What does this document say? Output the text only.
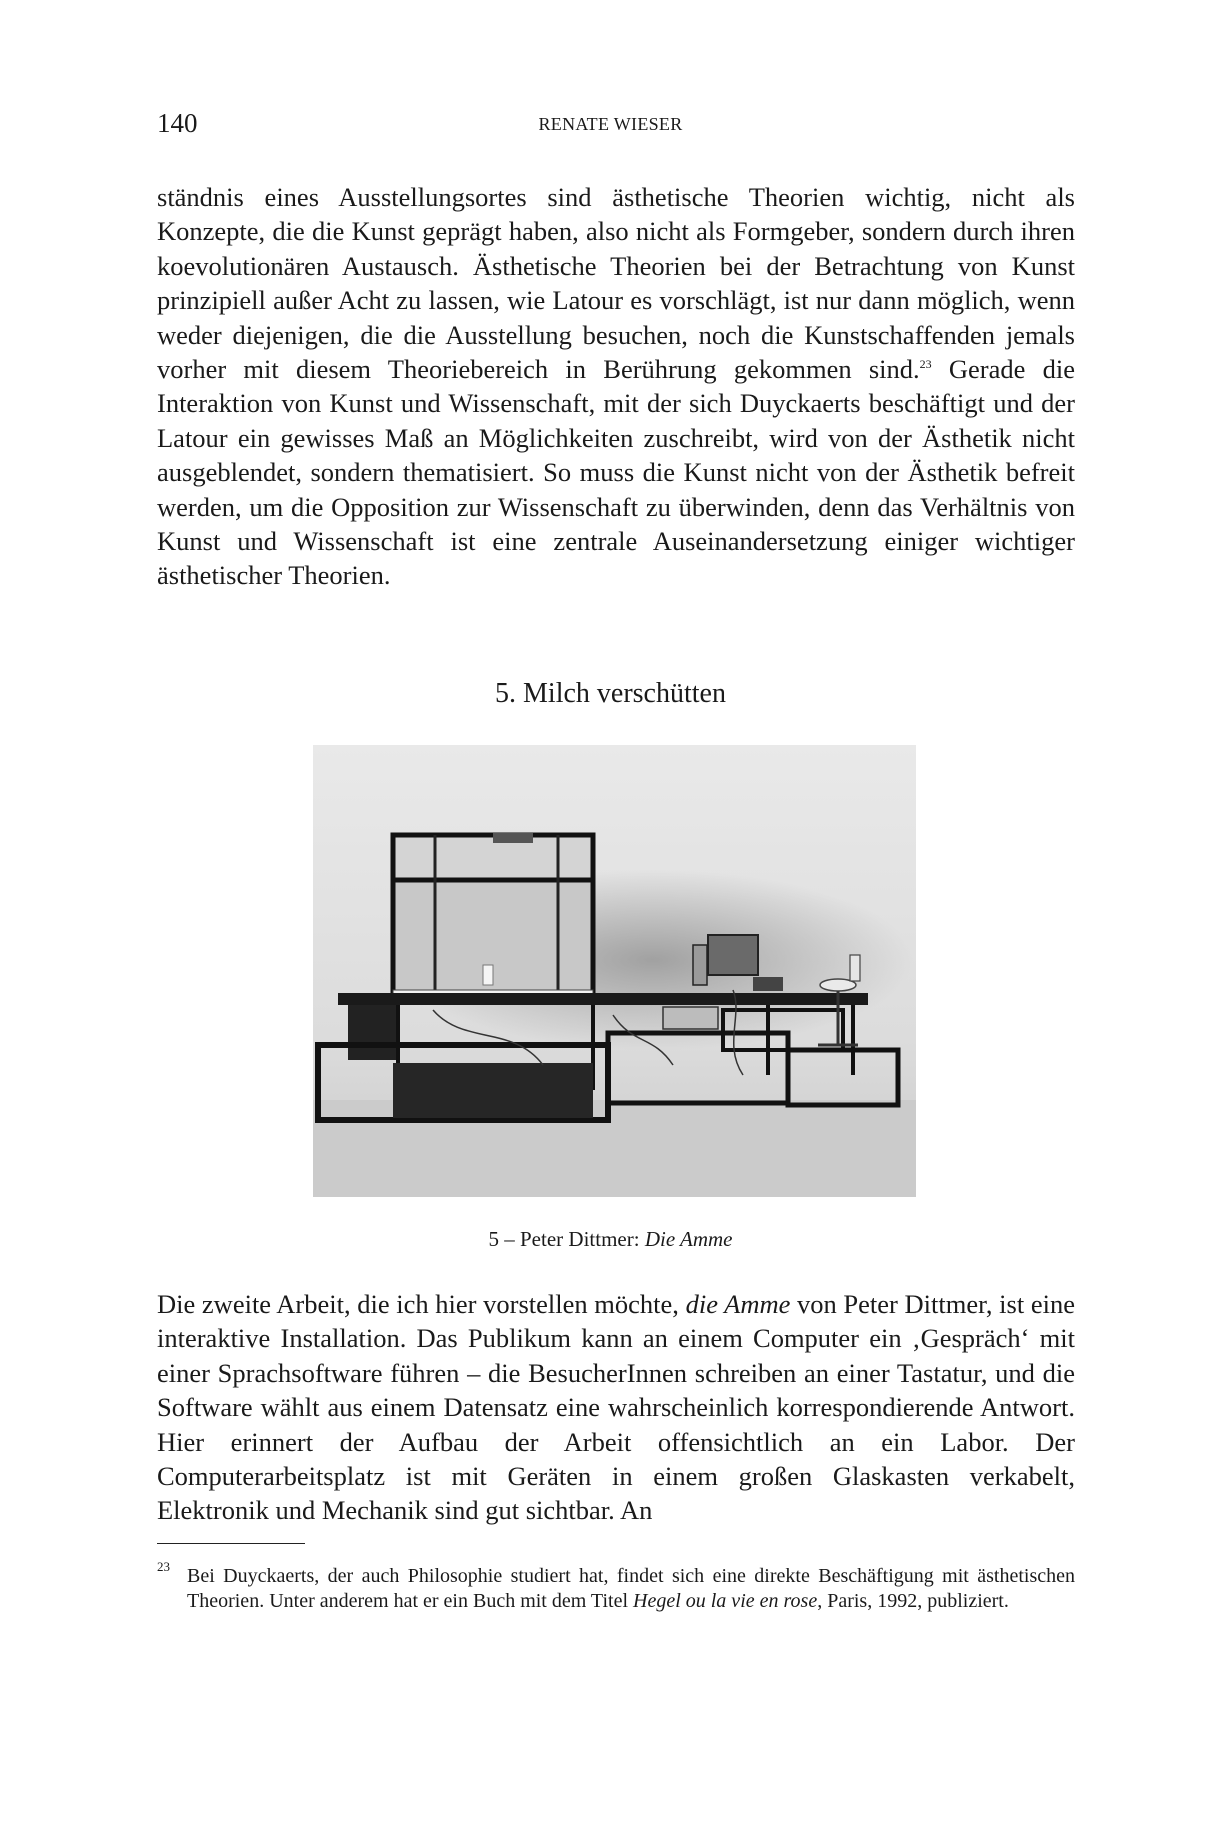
140	RENATE WIESER

ständnis eines Ausstellungsortes sind ästhetische Theorien wichtig, nicht als Konzepte, die die Kunst geprägt haben, also nicht als Formgeber, sondern durch ihren koevolutionären Austausch. Ästhetische Theorien bei der Betrachtung von Kunst prinzipiell außer Acht zu lassen, wie Latour es vorschlägt, ist nur dann möglich, wenn weder diejenigen, die die Ausstellung besuchen, noch die Kunstschaffenden jemals vorher mit diesem Theoriebereich in Berührung gekommen sind.$^{23}$ Gerade die Interaktion von Kunst und Wissenschaft, mit der sich Duyckaerts beschäftigt und der Latour ein gewisses Maß an Möglichkeiten zuschreibt, wird von der Ästhetik nicht ausgeblendet, sondern thematisiert. So muss die Kunst nicht von der Ästhetik befreit werden, um die Opposition zur Wissenschaft zu überwinden, denn das Verhältnis von Kunst und Wissenschaft ist eine zentrale Auseinandersetzung einiger wichtiger ästhetischer Theorien.

5. Milch verschütten
5 – Peter Dittmer: Die Amme

Die zweite Arbeit, die ich hier vorstellen möchte, die Amme von Peter Dittmer, ist eine interaktive Installation. Das Publikum kann an einem Computer ein ‚Gespräch‘ mit einer Sprachsoftware führen – die BesucherInnen schreiben an einer Tastatur, und die Software wählt aus einem Datensatz eine wahrscheinlich korrespondierende Antwort. Hier erinnert der Aufbau der Arbeit offensichtlich an ein Labor. Der Computerarbeitsplatz ist mit Geräten in einem großen Glaskasten verkabelt, Elektronik und Mechanik sind gut sichtbar. An

23 Bei Duyckaerts, der auch Philosophie studiert hat, findet sich eine direkte Beschäftigung mit ästhetischen Theorien. Unter anderem hat er ein Buch mit dem Titel Hegel ou la vie en rose, Paris, 1992, publiziert.
